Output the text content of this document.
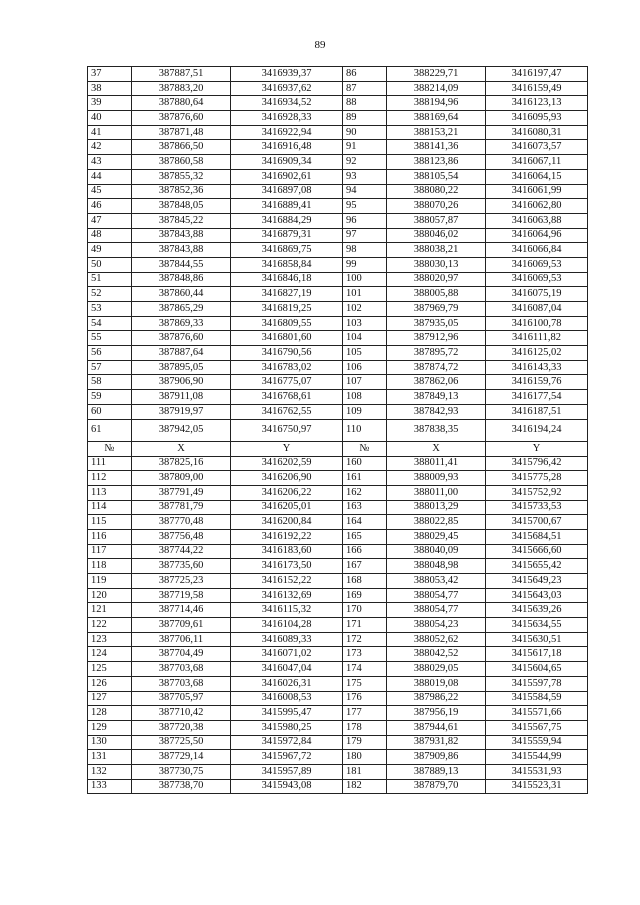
89
37	387887,51	3416939,37	86	388229,71	3416197,47
38	387883,20	3416937,62	87	388214,09	3416159,49
39	387880,64	3416934,52	88	388194,96	3416123,13
40	387876,60	3416928,33	89	388169,64	3416095,93
41	387871,48	3416922,94	90	388153,21	3416080,31
42	387866,50	3416916,48	91	388141,36	3416073,57
43	387860,58	3416909,34	92	388123,86	3416067,11
44	387855,32	3416902,61	93	388105,54	3416064,15
45	387852,36	3416897,08	94	388080,22	3416061,99
46	387848,05	3416889,41	95	388070,26	3416062,80
47	387845,22	3416884,29	96	388057,87	3416063,88
48	387843,88	3416879,31	97	388046,02	3416064,96
49	387843,88	3416869,75	98	388038,21	3416066,84
50	387844,55	3416858,84	99	388030,13	3416069,53
51	387848,86	3416846,18	100	388020,97	3416069,53
52	387860,44	3416827,19	101	388005,88	3416075,19
53	387865,29	3416819,25	102	387969,79	3416087,04
54	387869,33	3416809,55	103	387935,05	3416100,78
55	387876,60	3416801,60	104	387912,96	3416111,82
56	387887,64	3416790,56	105	387895,72	3416125,02
57	387895,05	3416783,02	106	387874,72	3416143,33
58	387906,90	3416775,07	107	387862,06	3416159,76
59	387911,08	3416768,61	108	387849,13	3416177,54
60	387919,97	3416762,55	109	387842,93	3416187,51
61	387942,05	3416750,97	110	387838,35	3416194,24
№	X	Y	№	X	Y
111	387825,16	3416202,59	160	388011,41	3415796,42
112	387809,00	3416206,90	161	388009,93	3415775,28
113	387791,49	3416206,22	162	388011,00	3415752,92
114	387781,79	3416205,01	163	388013,29	3415733,53
115	387770,48	3416200,84	164	388022,85	3415700,67
116	387756,48	3416192,22	165	388029,45	3415684,51
117	387744,22	3416183,60	166	388040,09	3415666,60
118	387735,60	3416173,50	167	388048,98	3415655,42
119	387725,23	3416152,22	168	388053,42	3415649,23
120	387719,58	3416132,69	169	388054,77	3415643,03
121	387714,46	3416115,32	170	388054,77	3415639,26
122	387709,61	3416104,28	171	388054,23	3415634,55
123	387706,11	3416089,33	172	388052,62	3415630,51
124	387704,49	3416071,02	173	388042,52	3415617,18
125	387703,68	3416047,04	174	388029,05	3415604,65
126	387703,68	3416026,31	175	388019,08	3415597,78
127	387705,97	3416008,53	176	387986,22	3415584,59
128	387710,42	3415995,47	177	387956,19	3415571,66
129	387720,38	3415980,25	178	387944,61	3415567,75
130	387725,50	3415972,84	179	387931,82	3415559,94
131	387729,14	3415967,72	180	387909,86	3415544,99
132	387730,75	3415957,89	181	387889,13	3415531,93
133	387738,70	3415943,08	182	387879,70	3415523,31
